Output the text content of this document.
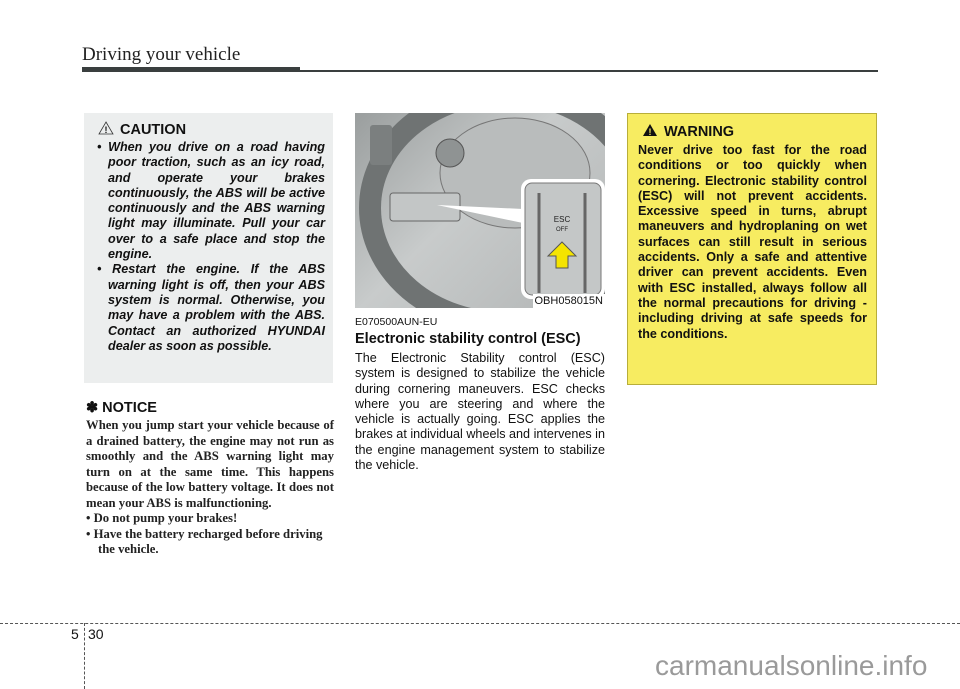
Driving your vehicle
! CAUTION
• When you drive on a road having poor traction, such as an icy road, and operate your brakes continuously, the ABS will be active continuously and the ABS warning light may illuminate. Pull your car over to a safe place and stop the engine.
• Restart the engine. If the ABS warning light is off, then your ABS system is normal. Otherwise, you may have a problem with the ABS. Contact an authorized HYUNDAI dealer as soon as possible.
✽ NOTICE

When you jump start your vehicle because of a drained battery, the engine may not run as smoothly and the ABS warning light may turn on at the same time. This happens because of the low battery voltage. It does not mean your ABS is malfunctioning.

• Do not pump your brakes!
• Have the battery recharged before driving the vehicle.
ESC
OFF
OBH058015N
E070500AUN-EU
Electronic stability control (ESC)
The Electronic Stability control (ESC) system is designed to stabilize the vehicle during cornering maneuvers. ESC checks where you are steering and where the vehicle is actually going. ESC applies the brakes at individual wheels and intervenes in the engine management system to stabilize the vehicle.
! WARNING

Never drive too fast for the road conditions or too quickly when cornering. Electronic stability control (ESC) will not prevent accidents. Excessive speed in turns, abrupt maneuvers and hydroplaning on wet surfaces can still result in serious accidents. Only a safe and attentive driver can prevent accidents. Even with ESC installed, always follow all the normal precautions for driving - including driving at safe speeds for the conditions.

5 30
carmanualsonline.info
